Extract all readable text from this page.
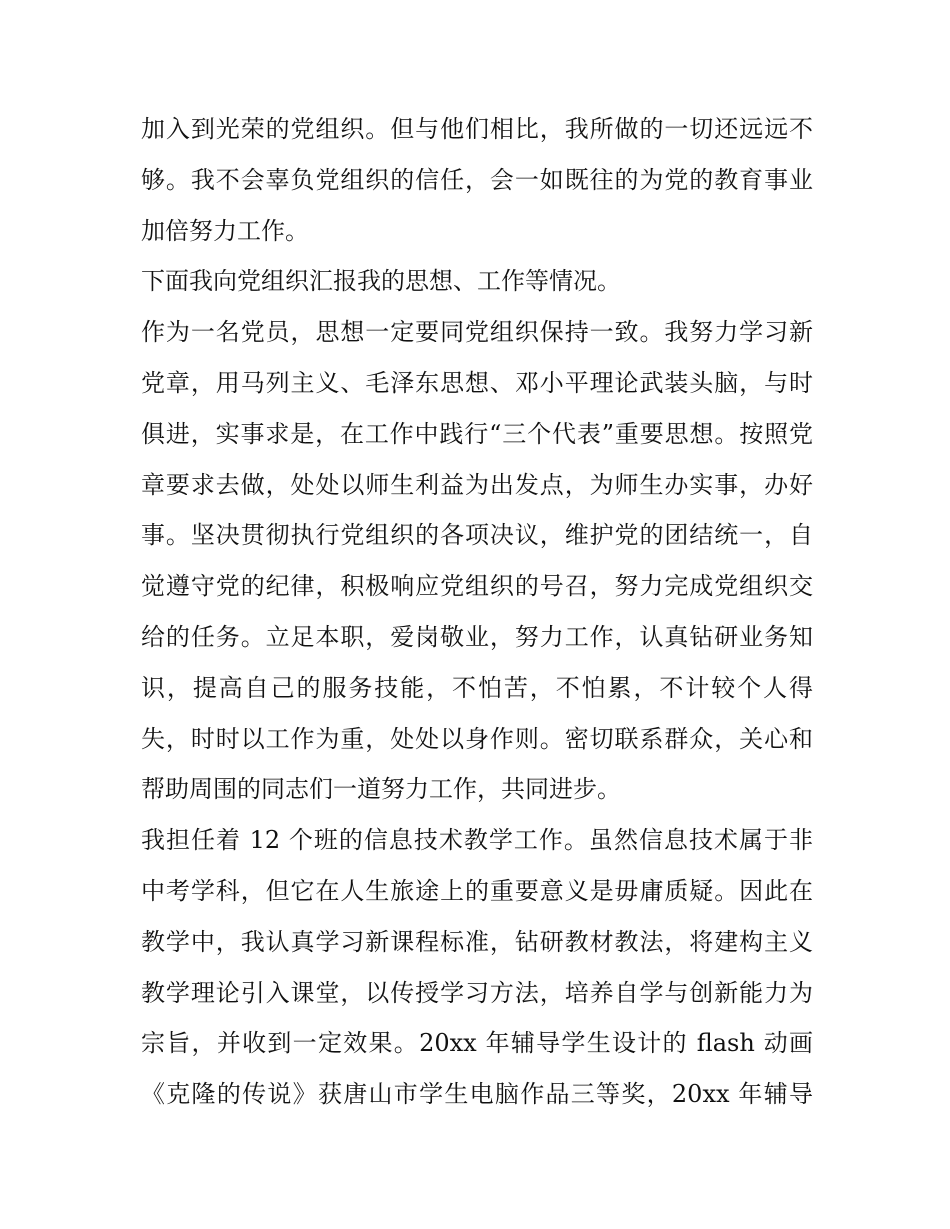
加入到光荣的党组织。但与他们相比，我所做的一切还远远不
够。我不会辜负党组织的信任，会一如既往的为党的教育事业
加倍努力工作。
下面我向党组织汇报我的思想、工作等情况。
作为一名党员，思想一定要同党组织保持一致。我努力学习新
党章，用马列主义、毛泽东思想、邓小平理论武装头脑，与时
俱进，实事求是，在工作中践行“三个代表”重要思想。按照党
章要求去做，处处以师生利益为出发点，为师生办实事，办好
事。坚决贯彻执行党组织的各项决议，维护党的团结统一，自
觉遵守党的纪律，积极响应党组织的号召，努力完成党组织交
给的任务。立足本职，爱岗敬业，努力工作，认真钻研业务知
识，提高自己的服务技能，不怕苦，不怕累，不计较个人得
失，时时以工作为重，处处以身作则。密切联系群众，关心和
帮助周围的同志们一道努力工作，共同进步。
我担任着 12 个班的信息技术教学工作。虽然信息技术属于非
中考学科，但它在人生旅途上的重要意义是毋庸质疑。因此在
教学中，我认真学习新课程标准，钻研教材教法，将建构主义
教学理论引入课堂，以传授学习方法，培养自学与创新能力为
宗旨，并收到一定效果。20xx 年辅导学生设计的 flash 动画
《克隆的传说》获唐山市学生电脑作品三等奖，20xx 年辅导
